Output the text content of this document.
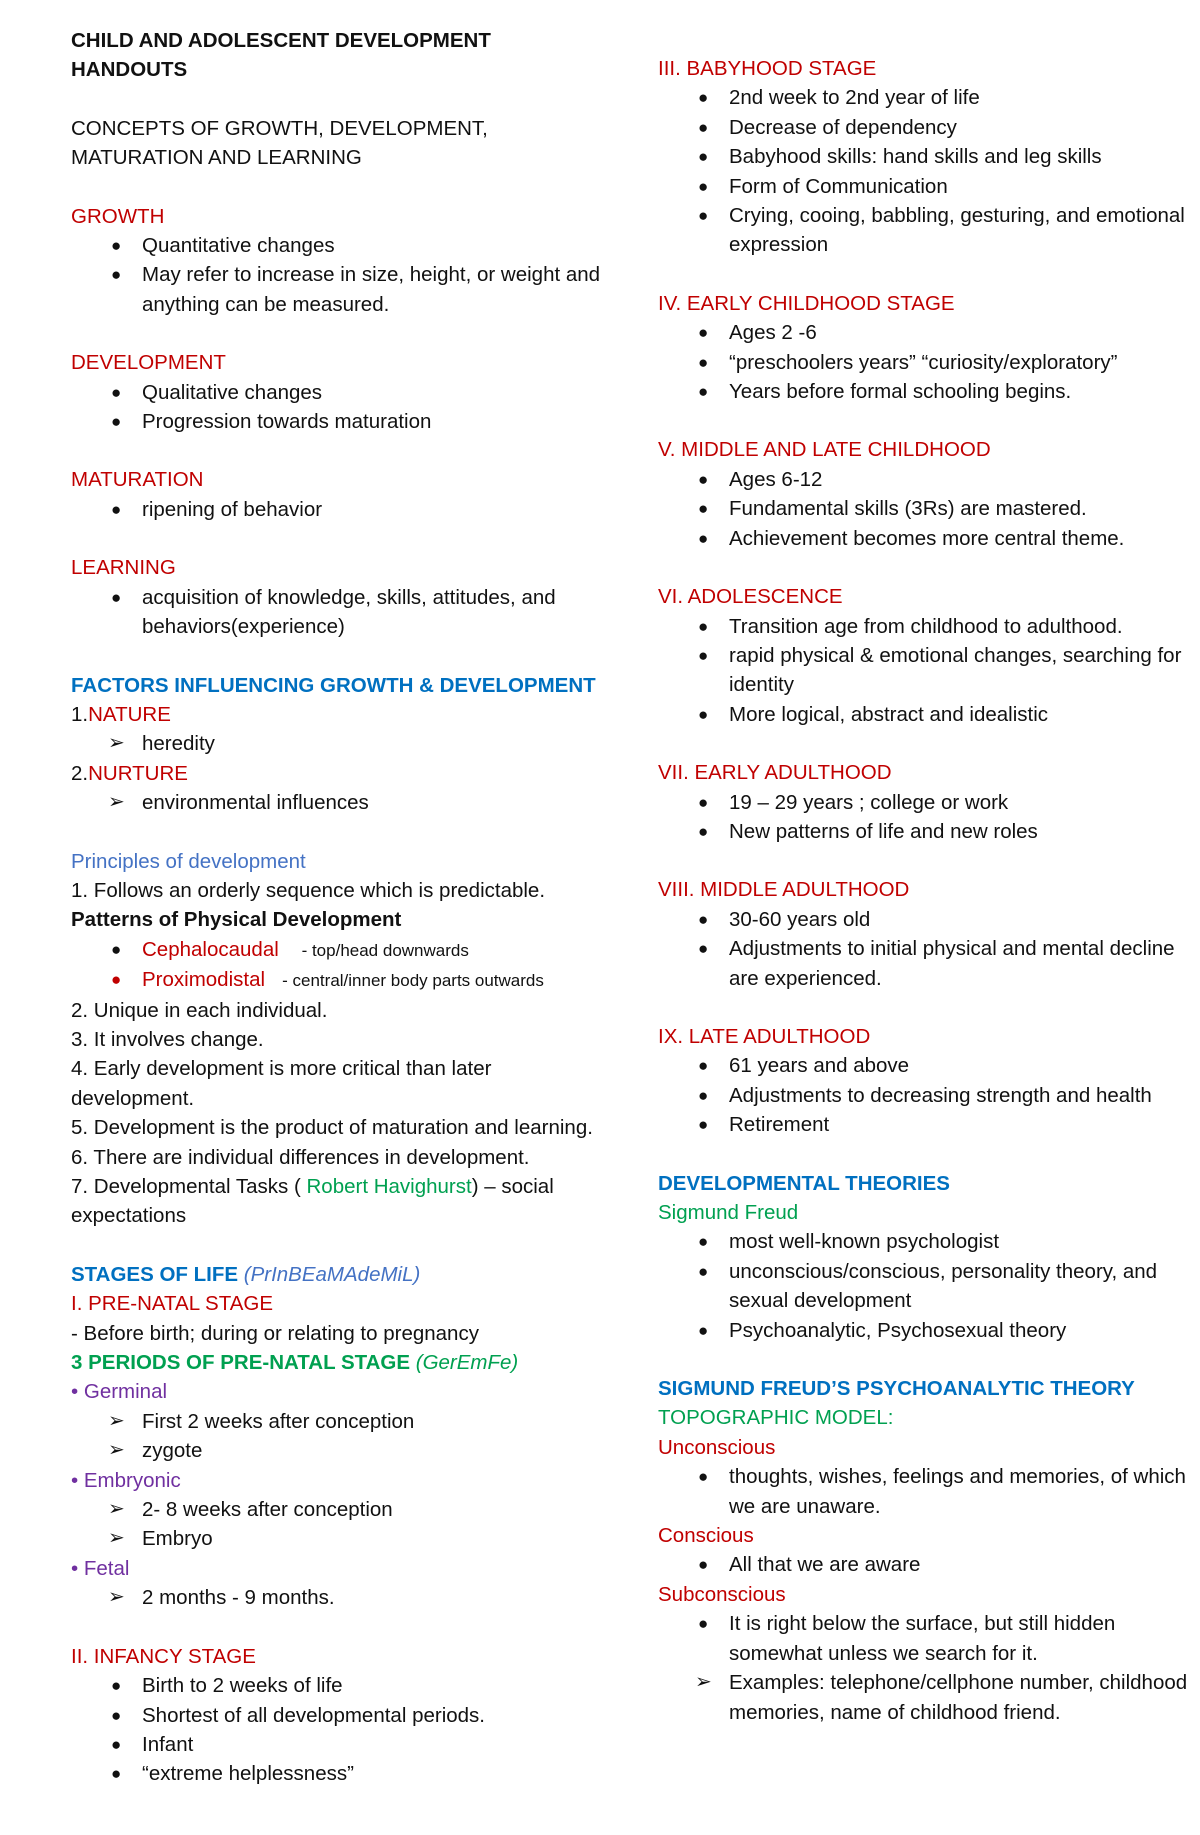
CHILD AND ADOLESCENT DEVELOPMENT

HANDOUTS

CONCEPTS OF GROWTH, DEVELOPMENT,

MATURATION AND LEARNING

GROWTH

● Quantitative changes
● May refer to increase in size, height, or weight and anything can be measured.

DEVELOPMENT

● Qualitative changes
● Progression towards maturation

MATURATION

● ripening of behavior

LEARNING

● acquisition of knowledge, skills, attitudes, and behaviors(experience)

FACTORS INFLUENCING GROWTH & DEVELOPMENT

1.NATURE

➢ heredity

2.NURTURE

➢ environmental influences

Principles of development

1. Follows an orderly sequence which is predictable.

Patterns of Physical Development

● Cephalocaudal - top/head downwards
● Proximodistal - central/inner body parts outwards

2. Unique in each individual.

3. It involves change.

4. Early development is more critical than later development.

5. Development is the product of maturation and learning.

6. There are individual differences in development.

7. Developmental Tasks ( Robert Havighurst) – social expectations

STAGES OF LIFE (PrInBEaMAdeMiL)

I. PRE-NATAL STAGE

- Before birth; during or relating to pregnancy

3 PERIODS OF PRE-NATAL STAGE (GerEmFe)

• Germinal

➢ First 2 weeks after conception
➢ zygote

• Embryonic

➢ 2- 8 weeks after conception
➢ Embryo

• Fetal

➢ 2 months - 9 months.

II. INFANCY STAGE

● Birth to 2 weeks of life
● Shortest of all developmental periods.
● Infant
● “extreme helplessness”

III. BABYHOOD STAGE

● 2nd week to 2nd year of life
● Decrease of dependency
● Babyhood skills: hand skills and leg skills
● Form of Communication
● Crying, cooing, babbling, gesturing, and emotional expression

IV. EARLY CHILDHOOD STAGE

● Ages 2 -6
● “preschoolers years” “curiosity/exploratory”
● Years before formal schooling begins.

V. MIDDLE AND LATE CHILDHOOD

● Ages 6-12
● Fundamental skills (3Rs) are mastered.
● Achievement becomes more central theme.

VI. ADOLESCENCE

● Transition age from childhood to adulthood.
● rapid physical & emotional changes, searching for identity
● More logical, abstract and idealistic

VII. EARLY ADULTHOOD

● 19 – 29 years ; college or work
● New patterns of life and new roles

VIII. MIDDLE ADULTHOOD

● 30-60 years old
● Adjustments to initial physical and mental decline are experienced.

IX. LATE ADULTHOOD

● 61 years and above
● Adjustments to decreasing strength and health
● Retirement

DEVELOPMENTAL THEORIES

Sigmund Freud

● most well-known psychologist
● unconscious/conscious, personality theory, and sexual development
● Psychoanalytic, Psychosexual theory

SIGMUND FREUD’S PSYCHOANALYTIC THEORY

TOPOGRAPHIC MODEL:

Unconscious

● thoughts, wishes, feelings and memories, of which we are unaware.

Conscious

● All that we are aware

Subconscious

● It is right below the surface, but still hidden somewhat unless we search for it.
➢ Examples: telephone/cellphone number, childhood memories, name of childhood friend.
